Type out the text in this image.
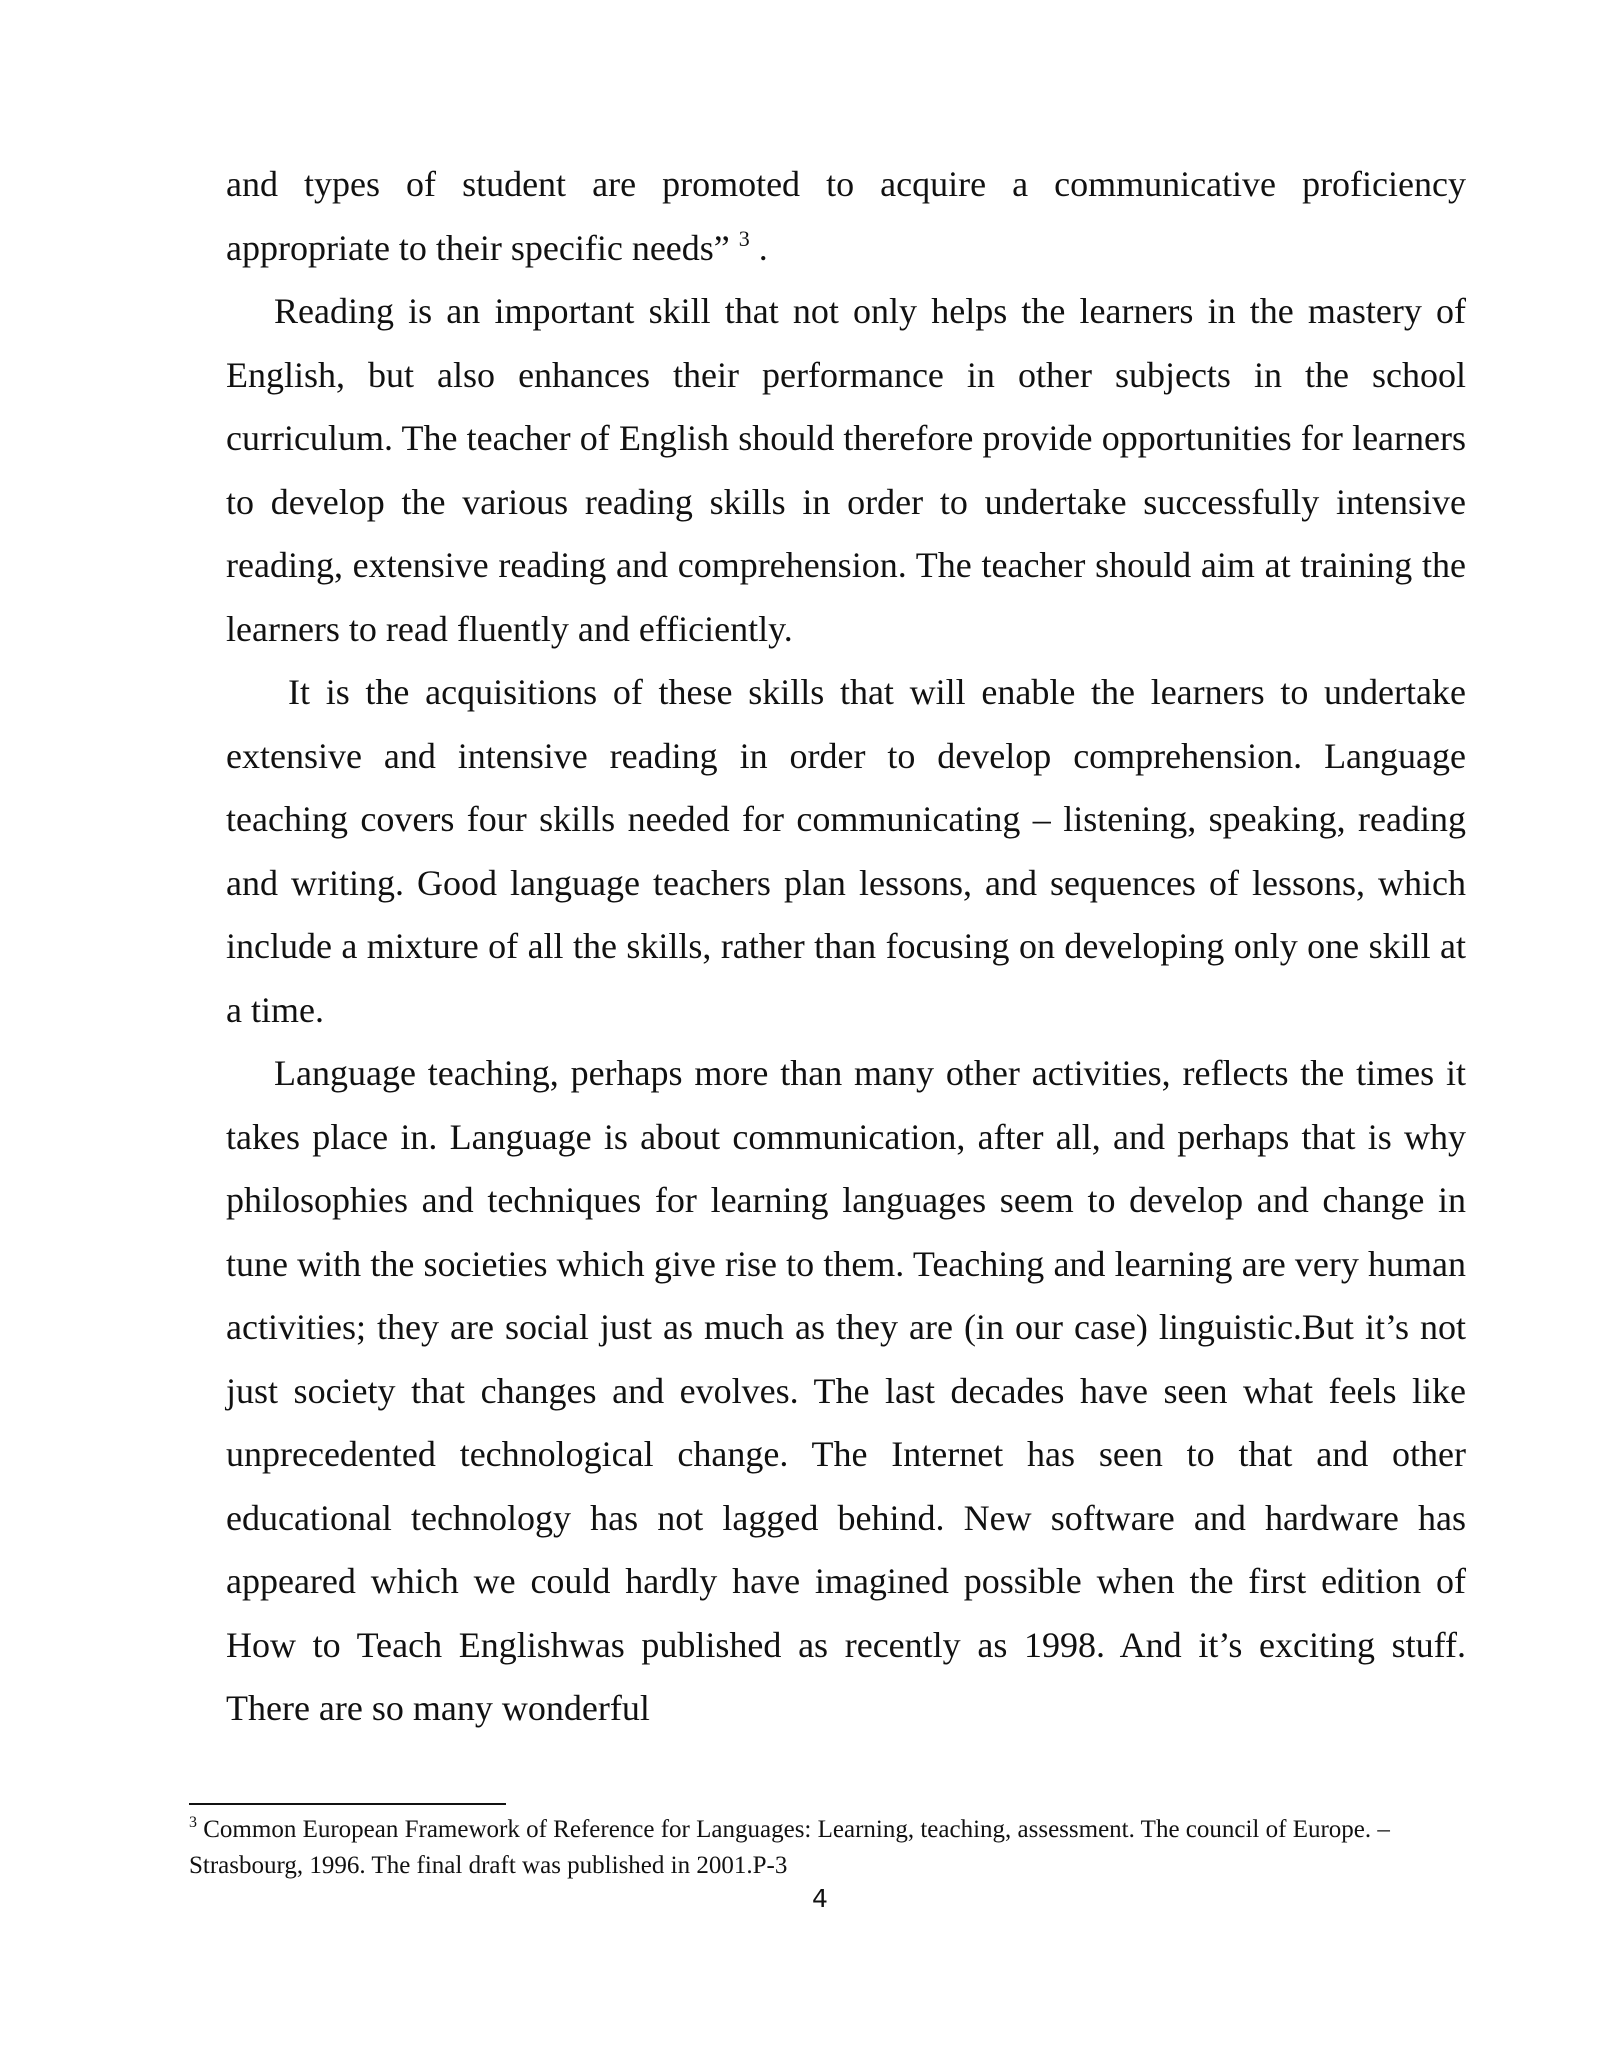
and types of student are promoted to acquire a communicative proficiency appropriate to their specific needs” $^3$ .

Reading is an important skill that not only helps the learners in the mastery of English, but also enhances their performance in other subjects in the school curriculum. The teacher of English should therefore provide opportunities for learners to develop the various reading skills in order to undertake successfully intensive reading, extensive reading and comprehension. The teacher should aim at training the learners to read fluently and efficiently.

It is the acquisitions of these skills that will enable the learners to undertake extensive and intensive reading in order to develop comprehension. Language teaching covers four skills needed for communicating – listening, speaking, reading and writing. Good language teachers plan lessons, and sequences of lessons, which include a mixture of all the skills, rather than focusing on developing only one skill at a time.

Language teaching, perhaps more than many other activities, reflects the times it takes place in. Language is about communication, after all, and perhaps that is why philosophies and techniques for learning languages seem to develop and change in tune with the societies which give rise to them. Teaching and learning are very human activities; they are social just as much as they are (in our case) linguistic.But it’s not just society that changes and evolves. The last decades have seen what feels like unprecedented technological change. The Internet has seen to that and other educational technology has not lagged behind. New software and hardware has appeared which we could hardly have imagined possible when the first edition of How to Teach Englishwas published as recently as 1998. And it’s exciting stuff. There are so many wonderful

$^3$ Common European Framework of Reference for Languages: Learning, teaching, assessment. The council of Europe. – Strasbourg, 1996. The final draft was published in 2001.P-3

4
